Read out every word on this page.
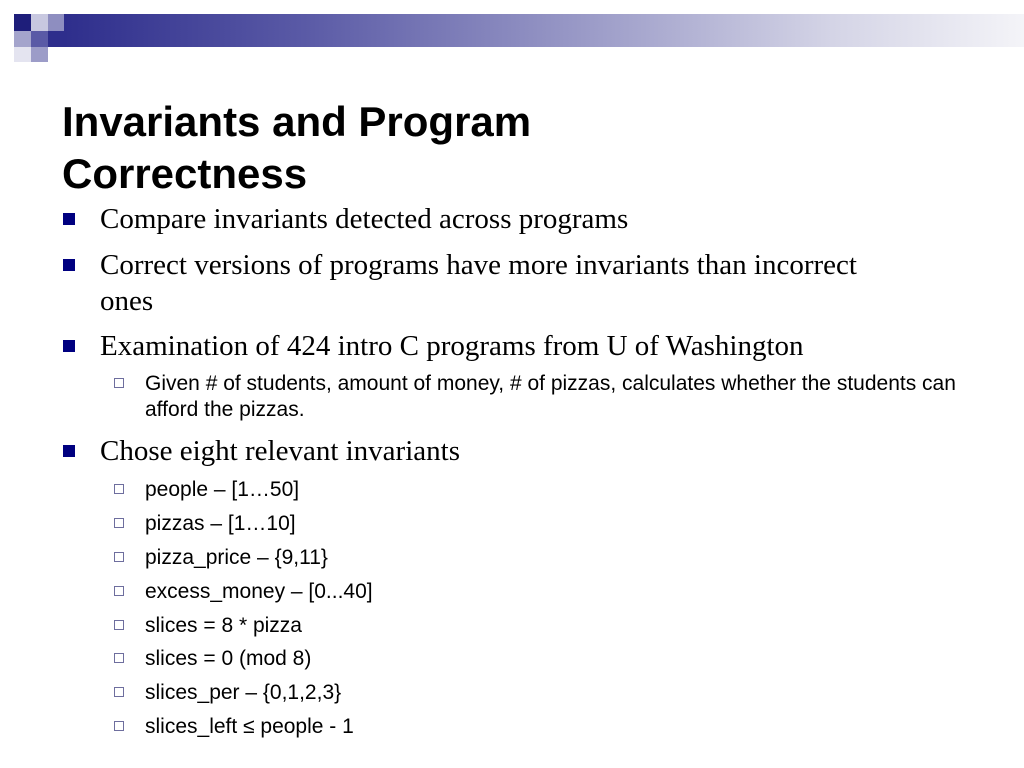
Invariants and Program
Correctness
Compare invariants detected across programs
Correct versions of programs have more invariants than incorrect ones
Examination of 424 intro C programs from U of Washington
Given # of students, amount of money, # of pizzas, calculates whether the students can afford the pizzas.
Chose eight relevant invariants
people – [1…50]
pizzas – [1…10]
pizza_price – {9,11}
excess_money – [0...40]
slices = 8 * pizza
slices = 0 (mod 8)
slices_per – {0,1,2,3}
slices_left ≤ people - 1
